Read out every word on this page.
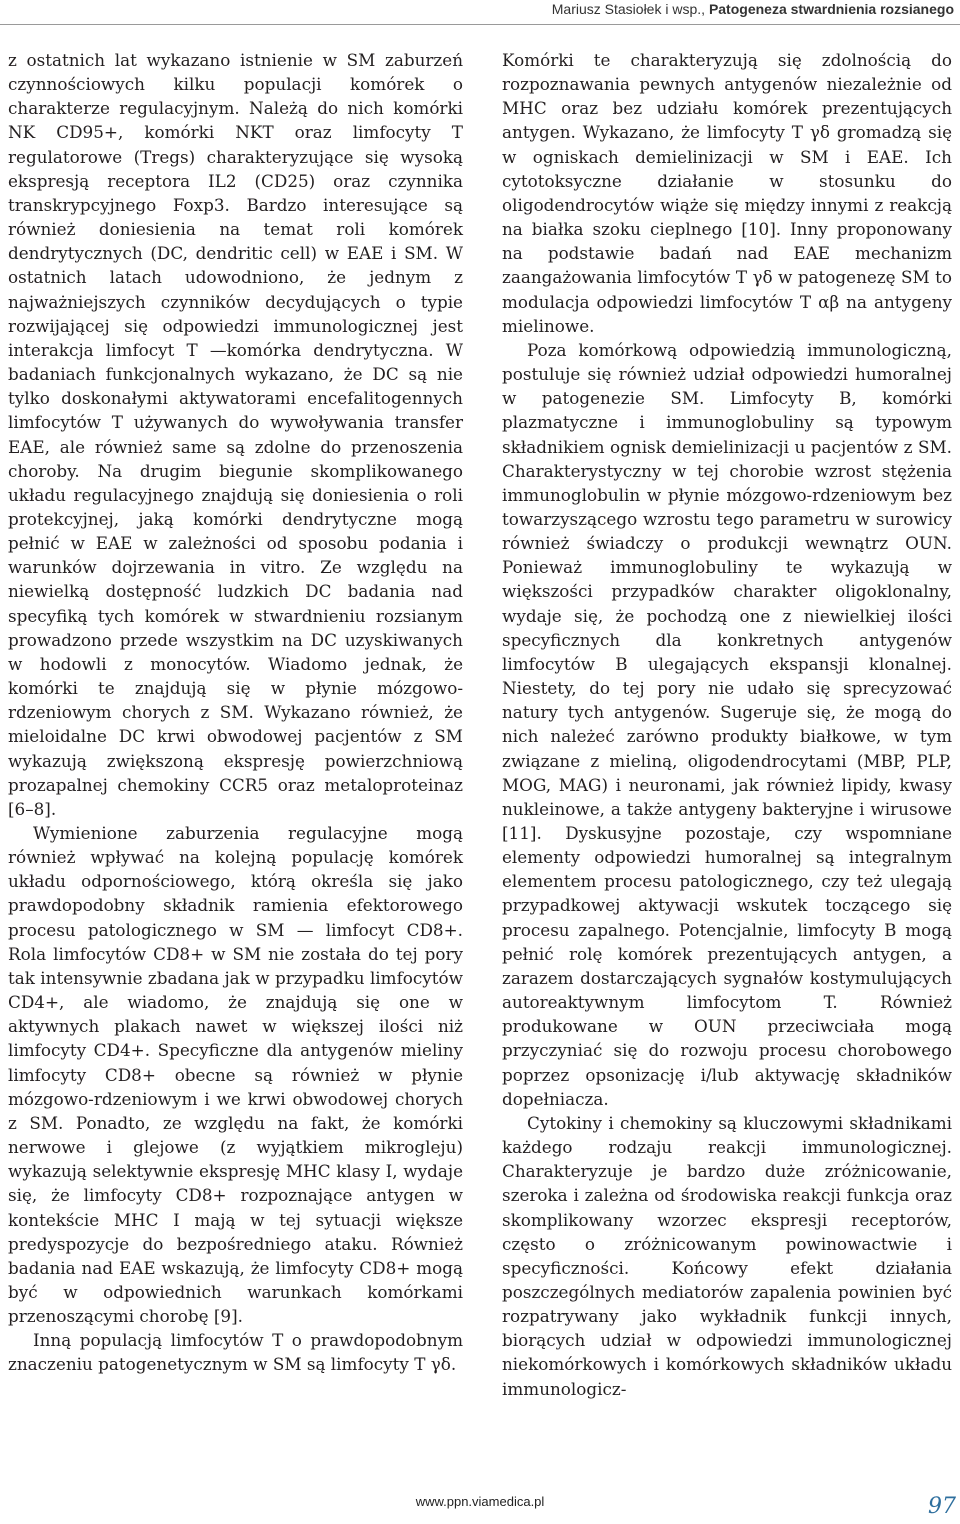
Mariusz Stasiołek i wsp., Patogeneza stwardnienia rozsianego

z ostatnich lat wykazano istnienie w SM zaburzeń czynnościowych kilku populacji komórek o charakterze regulacyjnym. Należą do nich komórki NK CD95+, komórki NKT oraz limfocyty T regulatorowe (Tregs) charakteryzujące się wysoką ekspresją receptora IL2 (CD25) oraz czynnika transkrypcyjnego Foxp3. Bardzo interesujące są również doniesienia na temat roli komórek dendrytycznych (DC, dendritic cell) w EAE i SM. W ostatnich latach udowodniono, że jednym z najważniejszych czynników decydujących o typie rozwijającej się odpowiedzi immunologicznej jest interakcja limfocyt T —komórka dendrytyczna. W badaniach funkcjonalnych wykazano, że DC są nie tylko doskonałymi aktywatorami encefalitogennych limfocytów T używanych do wywoływania transfer EAE, ale również same są zdolne do przenoszenia choroby. Na drugim biegunie skomplikowanego układu regulacyjnego znajdują się doniesienia o roli protekcyjnej, jaką komórki dendrytyczne mogą pełnić w EAE w zależności od sposobu podania i warunków dojrzewania in vitro. Ze względu na niewielką dostępność ludzkich DC badania nad specyfiką tych komórek w stwardnieniu rozsianym prowadzono przede wszystkim na DC uzyskiwanych w hodowli z monocytów. Wiadomo jednak, że komórki te znajdują się w płynie mózgowo-rdzeniowym chorych z SM. Wykazano również, że mieloidalne DC krwi obwodowej pacjentów z SM wykazują zwiększoną ekspresję powierzchniową prozapalnej chemokiny CCR5 oraz metaloproteinaz [6–8].

Wymienione zaburzenia regulacyjne mogą również wpływać na kolejną populację komórek układu odpornościowego, którą określa się jako prawdopodobny składnik ramienia efektorowego procesu patologicznego w SM — limfocyt CD8+. Rola limfocytów CD8+ w SM nie została do tej pory tak intensywnie zbadana jak w przypadku limfocytów CD4+, ale wiadomo, że znajdują się one w aktywnych plakach nawet w większej ilości niż limfocyty CD4+. Specyficzne dla antygenów mieliny limfocyty CD8+ obecne są również w płynie mózgowo-rdzeniowym i we krwi obwodowej chorych z SM. Ponadto, ze względu na fakt, że komórki nerwowe i glejowe (z wyjątkiem mikrogleju) wykazują selektywnie ekspresję MHC klasy I, wydaje się, że limfocyty CD8+ rozpoznające antygen w kontekście MHC I mają w tej sytuacji większe predyspozycje do bezpośredniego ataku. Również badania nad EAE wskazują, że limfocyty CD8+ mogą być w odpowiednich warunkach komórkami przenoszącymi chorobę [9].

Inną populacją limfocytów T o prawdopodobnym znaczeniu patogenetycznym w SM są limfocyty T γδ.

Komórki te charakteryzują się zdolnością do rozpoznawania pewnych antygenów niezależnie od MHC oraz bez udziału komórek prezentujących antygen. Wykazano, że limfocyty T γδ gromadzą się w ogniskach demielinizacji w SM i EAE. Ich cytotoksyczne działanie w stosunku do oligodendrocytów wiąże się między innymi z reakcją na białka szoku cieplnego [10]. Inny proponowany na podstawie badań nad EAE mechanizm zaangażowania limfocytów T γδ w patogenezę SM to modulacja odpowiedzi limfocytów T αβ na antygeny mielinowe.

Poza komórkową odpowiedzią immunologiczną, postuluje się również udział odpowiedzi humoralnej w patogenezie SM. Limfocyty B, komórki plazmatyczne i immunoglobuliny są typowym składnikiem ognisk demielinizacji u pacjentów z SM. Charakterystyczny w tej chorobie wzrost stężenia immunoglobulin w płynie mózgowo-rdzeniowym bez towarzyszącego wzrostu tego parametru w surowicy również świadczy o produkcji wewnątrz OUN. Ponieważ immunoglobuliny te wykazują w większości przypadków charakter oligoklonalny, wydaje się, że pochodzą one z niewielkiej ilości specyficznych dla konkretnych antygenów limfocytów B ulegających ekspansji klonalnej. Niestety, do tej pory nie udało się sprecyzować natury tych antygenów. Sugeruje się, że mogą do nich należeć zarówno produkty białkowe, w tym związane z mieliną, oligodendrocytami (MBP, PLP, MOG, MAG) i neuronami, jak również lipidy, kwasy nukleinowe, a także antygeny bakteryjne i wirusowe [11]. Dyskusyjne pozostaje, czy wspomniane elementy odpowiedzi humoralnej są integralnym elementem procesu patologicznego, czy też ulegają przypadkowej aktywacji wskutek toczącego się procesu zapalnego. Potencjalnie, limfocyty B mogą pełnić rolę komórek prezentujących antygen, a zarazem dostarczających sygnałów kostymulujących autoreaktywnym limfocytom T. Również produkowane w OUN przeciwciała mogą przyczyniać się do rozwoju procesu chorobowego poprzez opsonizację i/lub aktywację składników dopełniacza.

Cytokiny i chemokiny są kluczowymi składnikami każdego rodzaju reakcji immunologicznej. Charakteryzuje je bardzo duże zróżnicowanie, szeroka i zależna od środowiska reakcji funkcja oraz skomplikowany wzorzec ekspresji receptorów, często o zróżnicowanym powinowactwie i specyficzności. Końcowy efekt działania poszczególnych mediatorów zapalenia powinien być rozpatrywany jako wykładnik funkcji innych, biorących udział w odpowiedzi immunologicznej niekomórkowych i komórkowych składników układu immunologicz-

www.ppn.viamedica.pl	97
